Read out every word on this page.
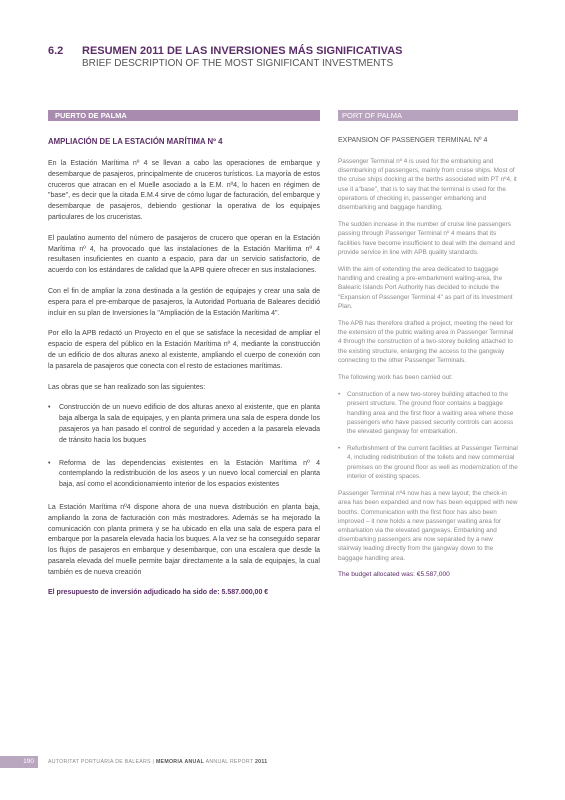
6.2 RESUMEN 2011 DE LAS INVERSIONES MÁS SIGNIFICATIVAS
BRIEF DESCRIPTION OF THE MOST SIGNIFICANT INVESTMENTS
PUERTO DE PALMA
AMPLIACIÓN DE LA ESTACIÓN MARÍTIMA Nº 4

En la Estación Marítima nº 4 se llevan a cabo las operaciones de embarque y desembarque de pasajeros, principalmente de cruceros turísticos. La mayoría de estos cruceros que atracan en el Muelle asociado a la E.M. nº4, lo hacen en régimen de "base", es decir que la citada E.M.4 sirve de cómo lugar de facturación, del embarque y desembarque de pasajeros, debiendo gestionar la operativa de los equipajes particulares de los cruceristas.

El paulatino aumento del número de pasajeros de crucero que operan en la Estación Marítima nº 4, ha provocado que las instalaciones de la Estación Marítima nº 4 resultasen insuficientes en cuanto a espacio, para dar un servicio satisfactorio, de acuerdo con los estándares de calidad que la APB quiere ofrecer en sus instalaciones.

Con el fin de ampliar la zona destinada a la gestión de equipajes y crear una sala de espera para el pre-embarque de pasajeros, la Autoridad Portuaria de Baleares decidió incluir en su plan de Inversiones la "Ampliación de la Estación Marítima 4".

Por ello la APB redactó un Proyecto en el que se satisface la necesidad de ampliar el espacio de espera del público en la Estación Marítima nº 4, mediante la construcción de un edificio de dos alturas anexo al existente, ampliando el cuerpo de conexión con la pasarela de pasajeros que conecta con el resto de estaciones marítimas.

Las obras que se han realizado son las siguientes:

• Construcción de un nuevo edificio de dos alturas anexo al existente, que en planta baja alberga la sala de equipajes, y en planta primera una sala de espera donde los pasajeros ya han pasado el control de seguridad y acceden a la pasarela elevada de tránsito hacia los buques
• Reforma de las dependencias existentes en la Estación Marítima nº 4 contemplando la redistribución de los aseos y un nuevo local comercial en planta baja, así como el acondicionamiento interior de los espacios existentes

La Estación Marítima nº4 dispone ahora de una nueva distribución en planta baja, ampliando la zona de facturación con más mostradores. Además se ha mejorado la comunicación con planta primera y se ha ubicado en ella una sala de espera para el embarque por la pasarela elevada hacia los buques. A la vez se ha conseguido separar los flujos de pasajeros en embarque y desembarque, con una escalera que desde la pasarela elevada del muelle permite bajar directamente a la sala de equipajes, la cual también es de nueva creación

El presupuesto de inversión adjudicado ha sido de: 5.587.000,00 €
PORT OF PALMA
EXPANSION OF PASSENGER TERMINAL Nº 4

Passenger Terminal nº 4 is used for the embarking and disembarking of passengers, mainly from cruise ships. Most of the cruise ships docking at the berths associated with PT nº4, it use it a"base", that is to say that the terminal is used for the operations of checking in, passenger embarking and disembarking and baggage handling.

The sudden increase in the number of cruise line passengers passing through Passenger Terminal nº 4 means that its facilities have become insufficient to deal with the demand and provide service in line with APB quality standards.

With the aim of extending the area dedicated to baggage handling and creating a pre-embarkment waiting-area, the Balearic Islands Port Authority has decided to include the "Expansion of Passenger Terminal 4" as part of its Investment Plan.

The APB has therefore drafted a project, meeting the need for the extension of the public waiting area in Passenger Terminal 4 through the construction of a two-storey building attached to the existing structure, enlarging the access to the gangway connecting to the other Passenger Terminals.

The following work has been carried out:

• Construction of a new two-storey building attached to the present structure. The ground floor contains a baggage handling area and the first floor a waiting area where those passengers who have passed security controls can access the elevated gangway for embarkation.
• Refurbishment of the current facilities at Passenger Terminal 4, including redistribution of the toilets and new commercial premises on the ground floor as well as modernization of the interior of existing spaces.

Passenger Terminal nº4 now has a new layout; the check-in area has been expanded and now has been equipped with new booths. Communication with the first floor has also been improved – it now holds a new passenger waiting area for embarkation via the elevated gangways. Embarking and disembarking passengers are now separated by a new stairway leading directly from the gangway down to the baggage handling area.

The budget allocated was: €5.587,000
190	AUTORITAT PORTUÀRIA DE BALEARS | MEMORIA ANUAL ANNUAL REPORT 2011
